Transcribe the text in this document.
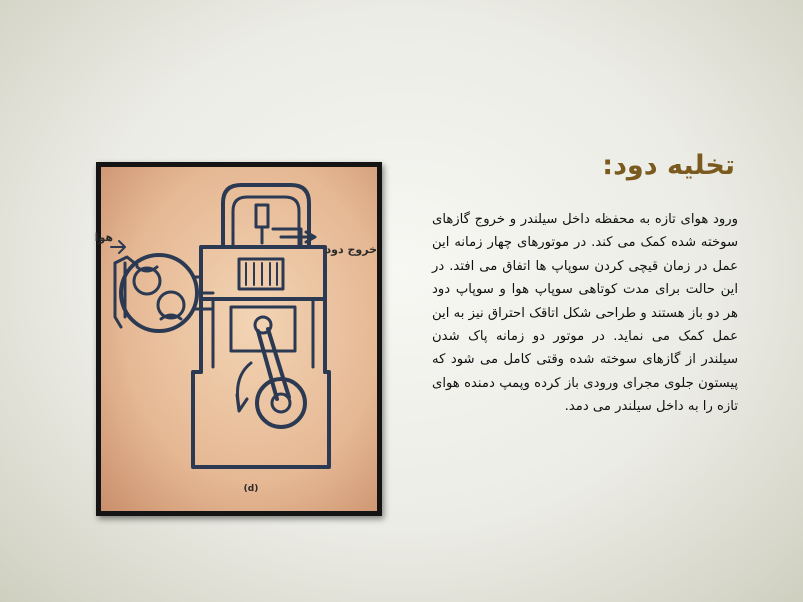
هوا
خروج دود
(d)
تخلیه دود:

ورود هوای تازه به محفظه داخل سیلندر و خروج گازهای سوخته شده کمک می کند. در موتورهای چهار زمانه این عمل در زمان قیچی کردن سوپاپ ها اتفاق می افتد. در این حالت برای مدت کوتاهی سوپاپ هوا و سوپاپ دود هر دو باز هستند و طراحی شکل اتاقک احتراق نیز به این عمل کمک می نماید. در موتور دو زمانه پاک شدن سیلندر از گازهای سوخته شده وقتی کامل می شود که پیستون جلوی مجرای ورودی باز کرده وپمپ دمنده هوای تازه را به داخل سیلندر می دمد.
